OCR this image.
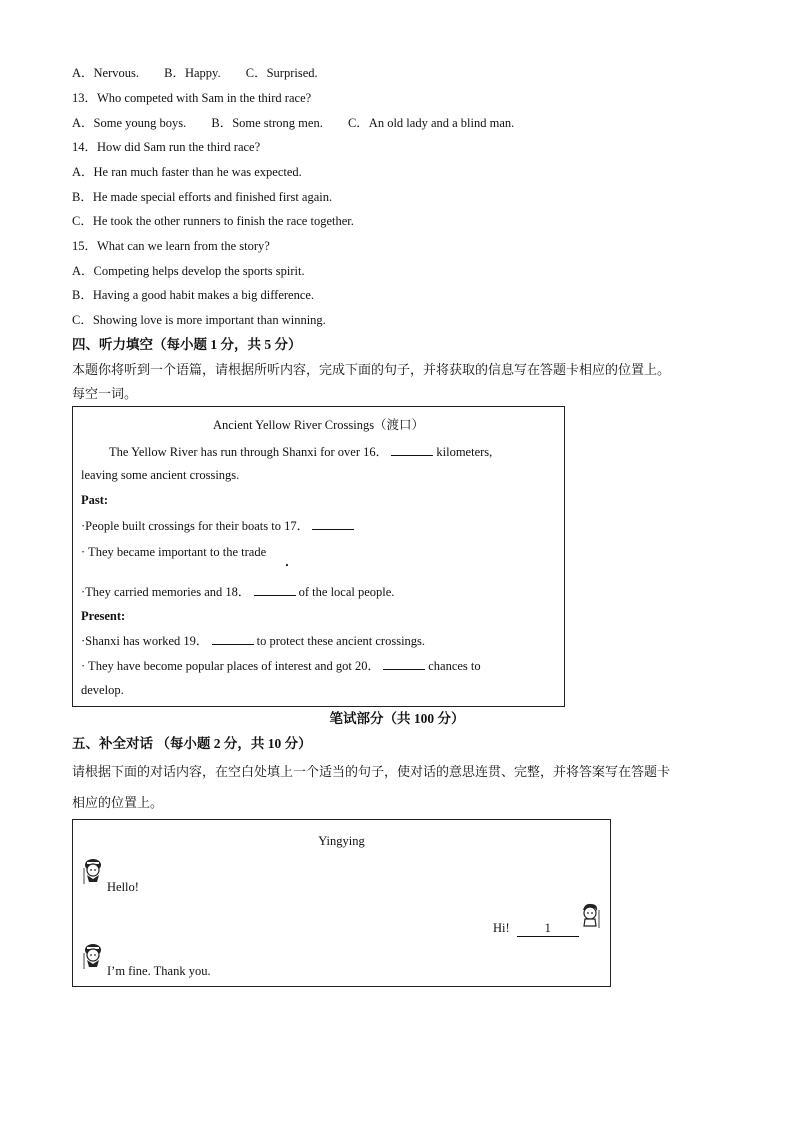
A．Nervous. B．Happy. C．Surprised.
13．Who competed with Sam in the third race?
A．Some young boys. B．Some strong men. C．An old lady and a blind man.
14．How did Sam run the third race?
A．He ran much faster than he was expected.
B．He made special efforts and finished first again.
C．He took the other runners to finish the race together.
15．What can we learn from the story?
A．Competing helps develop the sports spirit.
B．Having a good habit makes a big difference.
C．Showing love is more important than winning.
四、听力填空（每小题 1 分，共 5 分）
本题你将听到一个语篇，请根据所听内容，完成下面的句子，并将获取的信息写在答题卡相应的位置上。
每空一词。
Ancient Yellow River Crossings（渡口）
The Yellow River has run through Shanxi for over 16．	kilometers,
leaving some ancient crossings.
Past:
·People built crossings for their boats to 17．
· They became important to the trade
·They carried memories and 18．	of the local people.
Present:
·Shanxi has worked 19．	to protect these ancient crossings.
· They have become popular places of interest and got 20．	chances to
develop.
笔试部分（共 100 分）
五、补全对话 （每小题 2 分，共 10 分）
请根据下面的对话内容，在空白处填上一个适当的句子，使对话的意思连贯、完整，并将答案写在答题卡
相应的位置上。
Yingying
Hello!
Hi!	1
I’m fine. Thank you.
